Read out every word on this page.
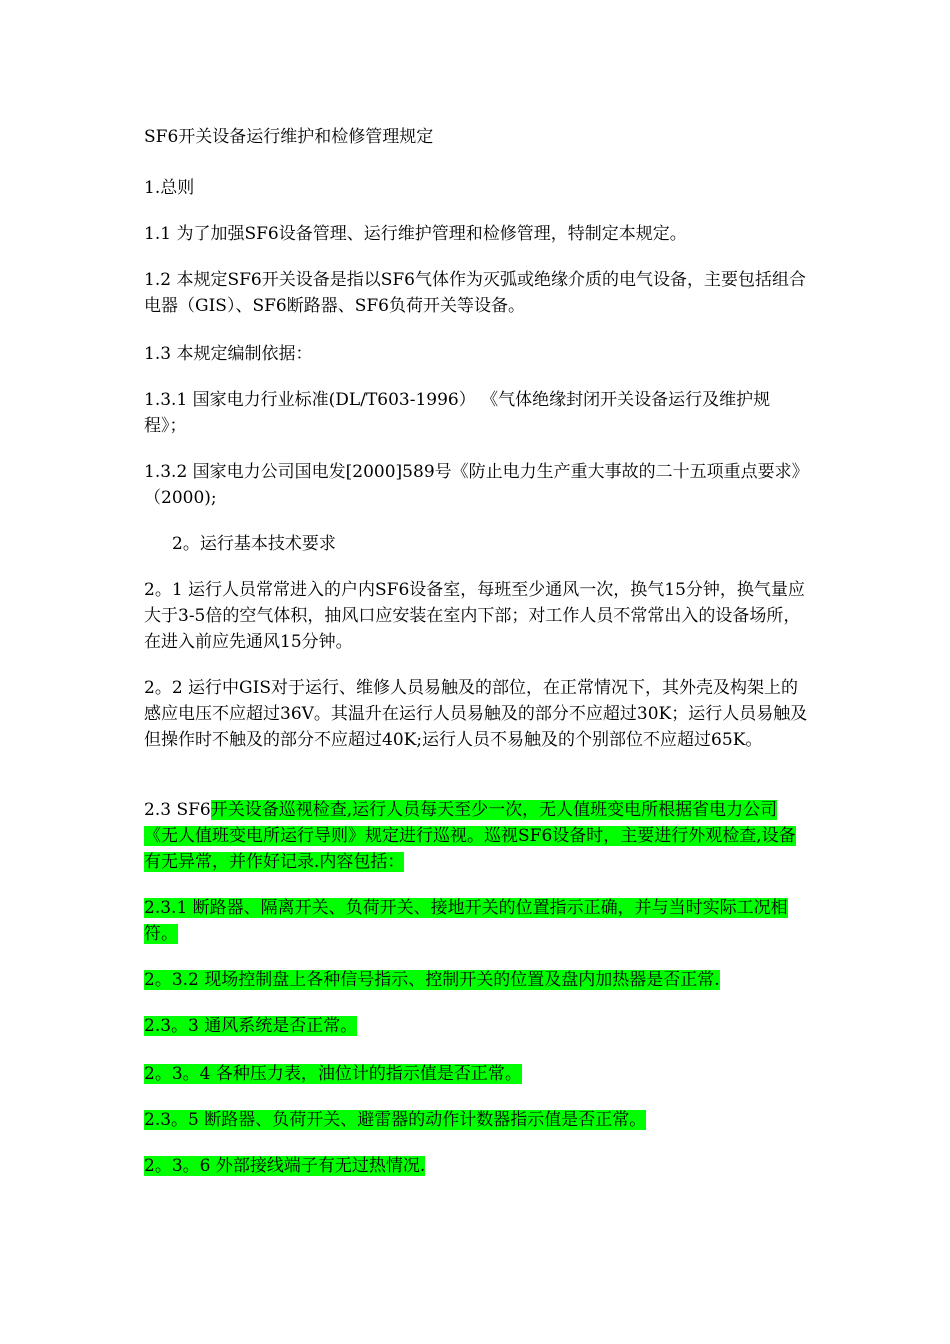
SF6开关设备运行维护和检修管理规定

1.总则

1.1 为了加强SF6设备管理、运行维护管理和检修管理，特制定本规定。

1.2 本规定SF6开关设备是指以SF6气体作为灭弧或绝缘介质的电气设备，主要包括组合电器（GIS）、SF6断路器、SF6负荷开关等设备。

1.3 本规定编制依据：

1.3.1 国家电力行业标准(DL/T603-1996） 《气体绝缘封闭开关设备运行及维护规程》；

1.3.2 国家电力公司国电发[2000]589号《防止电力生产重大事故的二十五项重点要求》（2000);

2。运行基本技术要求

2。1 运行人员常常进入的户内SF6设备室，每班至少通风一次，换气15分钟，换气量应大于3-5倍的空气体积，抽风口应安装在室内下部；对工作人员不常常出入的设备场所，在进入前应先通风15分钟。

2。2 运行中GIS对于运行、维修人员易触及的部位，在正常情况下，其外壳及构架上的感应电压不应超过36V。其温升在运行人员易触及的部分不应超过30K；运行人员易触及但操作时不触及的部分不应超过40K;运行人员不易触及的个别部位不应超过65K。

2.3 SF6开关设备巡视检查,运行人员每天至少一次，无人值班变电所根据省电力公司《无人值班变电所运行导则》规定进行巡视。巡视SF6设备时，主要进行外观检查,设备有无异常，并作好记录.内容包括：

2.3.1 断路器、隔离开关、负荷开关、接地开关的位置指示正确，并与当时实际工况相符。

2。3.2 现场控制盘上各种信号指示、控制开关的位置及盘内加热器是否正常.

2.3。3 通风系统是否正常。

2。3。4 各种压力表，油位计的指示值是否正常。

2.3。5 断路器、负荷开关、避雷器的动作计数器指示值是否正常。

2。3。6 外部接线端子有无过热情况.
